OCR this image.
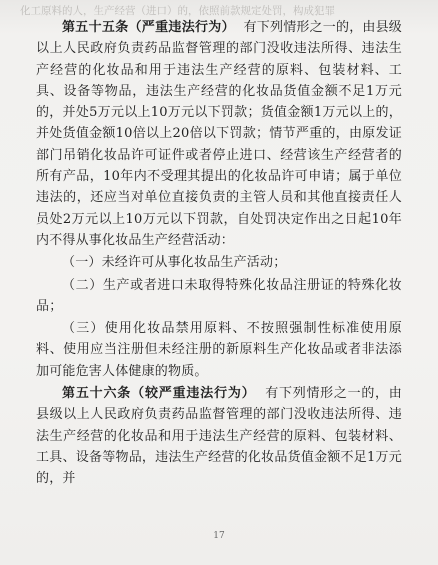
化工原料的人，生产经营（进口）的，依照前款规定处罚，构成犯罪

第五十五条（严重违法行为） 有下列情形之一的，由县级以上人民政府负责药品监督管理的部门没收违法所得、违法生产经营的化妆品和用于违法生产经营的原料、包装材料、工具、设备等物品，违法生产经营的化妆品货值金额不足1万元的，并处5万元以上10万元以下罚款；货值金额1万元以上的，并处货值金额10倍以上20倍以下罚款；情节严重的，由原发证部门吊销化妆品许可证件或者停止进口、经营该生产经营者的所有产品，10年内不受理其提出的化妆品许可申请；属于单位违法的，还应当对单位直接负责的主管人员和其他直接责任人员处2万元以上10万元以下罚款，自处罚决定作出之日起10年内不得从事化妆品生产经营活动：

（一）未经许可从事化妆品生产活动；

（二）生产或者进口未取得特殊化妆品注册证的特殊化妆品；

（三）使用化妆品禁用原料、不按照强制性标准使用原料、使用应当注册但未经注册的新原料生产化妆品或者非法添加可能危害人体健康的物质。

第五十六条（较严重违法行为） 有下列情形之一的，由县级以上人民政府负责药品监督管理的部门没收违法所得、违法生产经营的化妆品和用于违法生产经营的原料、包装材料、工具、设备等物品，违法生产经营的化妆品货值金额不足1万元的，并

17
